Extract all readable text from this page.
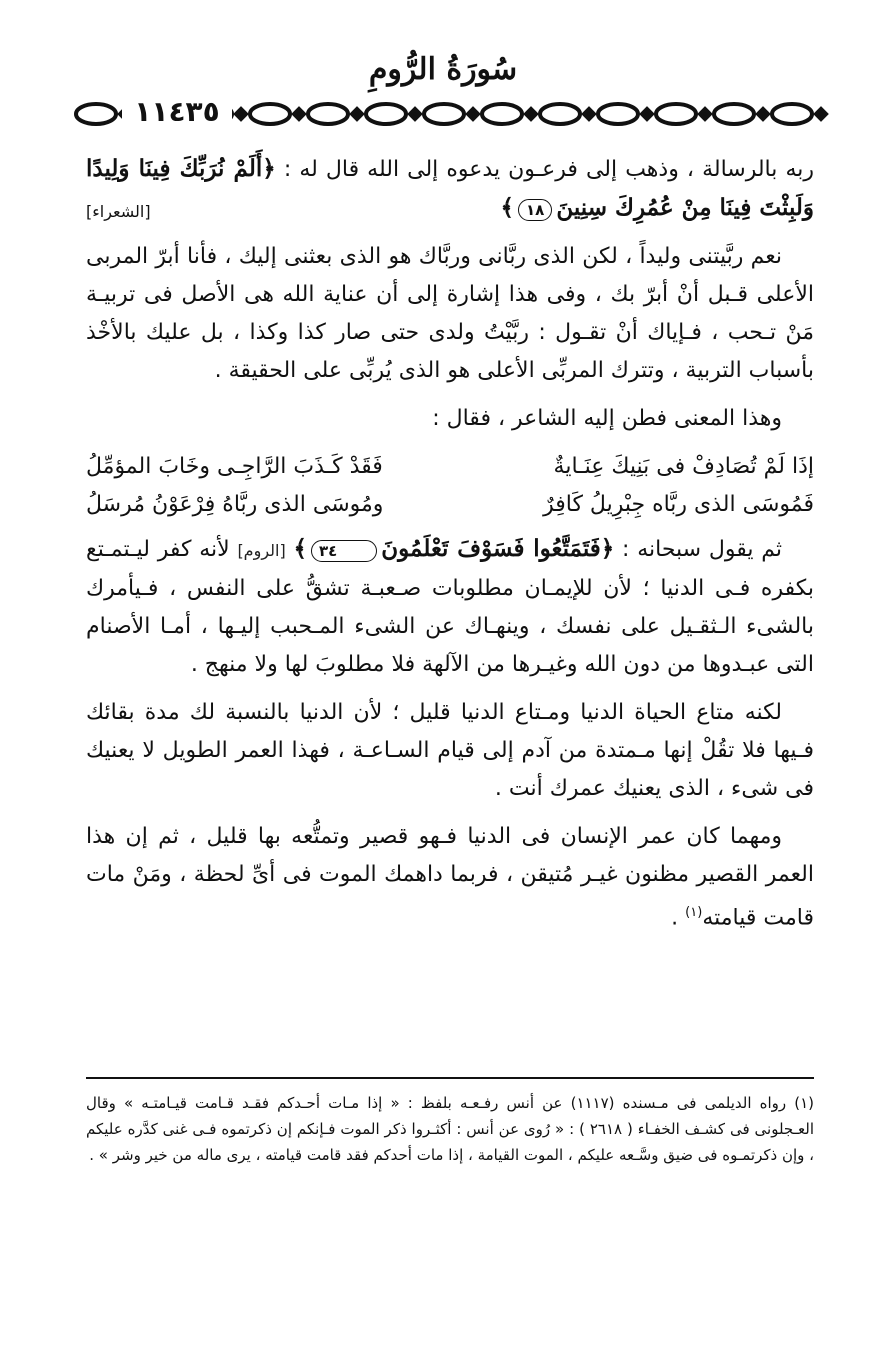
سُورَةُ الرُّومِ
١١٤٣٥

ربه بالرسالة ، وذهب إلى فرعـون يدعوه إلى الله قال له : ﴿أَلَمْ نُرَبِّكَ فِينَا وَلِيدًا وَلَبِثْتَ فِينَا مِنْ عُمُرِكَ سِنِينَ١٨﴾
[الشعراء]

نعم ربَّيتنى وليداً ، لكن الذى ربَّانى وربَّاك هو الذى بعثنى إليك ، فأنا أبرّ المربى الأعلى قـبل أنْ أبرّ بك ، وفى هذا إشارة إلى أن عناية الله هى الأصل فى تربيـة مَنْ تـحب ، فـإياك أنْ تقـول : ربَّيْتُ ولدى حتى صار كذا وكذا ، بل عليك بالأخْذ بأسباب التربية ، وتترك المربِّى الأعلى هو الذى يُربِّى على الحقيقة .

وهذا المعنى فطن إليه الشاعر ، فقال :

إذَا لَمْ تُصَادِفْ فى بَنِيكَ عِنَـايةٌ
فَقَدْ كَـذَبَ الرَّاجِـى وخَابَ المؤمِّلُ
فَمُوسَى الذى ربَّاه جِبْرِيلُ كَافِرٌ
ومُوسَى الذى ربَّاهُ فِرْعَوْنُ مُرسَلُ

ثم يقول سبحانه : ﴿فَتَمَتَّعُوا فَسَوْفَ تَعْلَمُونَ٣٤﴾ [الروم] لأنه كفر ليـتمـتع بكفره فـى الدنيا ؛ لأن للإيمـان مطلوبات صـعبـة تشقُّ على النفس ، فـيأمرك بالشىء الـثقـيل على نفسك ، وينهـاك عن الشىء المـحبب إليـها ، أمـا الأصنام التى عبـدوها من دون الله وغيـرها من الآلهة فلا مطلوبَ لها ولا منهج .

لكنه متاع الحياة الدنيا ومـتاع الدنيا قليل ؛ لأن الدنيا بالنسبة لك مدة بقائك فـيها فلا تقُلْ إنها مـمتدة من آدم إلى قيام السـاعـة ، فهذا العمر الطويل لا يعنيك فى شىء ، الذى يعنيك عمرك أنت .

ومهما كان عمر الإنسان فى الدنيا فـهو قصير وتمتُّعه بها قليل ، ثم إن هذا العمر القصير مظنون غيـر مُتيقن ، فربما داهمك الموت فى أىِّ لحظة ، ومَنْ مات قامت قيامته$^{(١)}$ .

(١) رواه الديلمى فى مـسنده (١١١٧) عن أنس رفـعـه بلفظ : « إذا مـات أحـدكم فقـد قـامت قيـامتـه » وقال العـجلونى فى كشـف الخفـاء ( ٢٦١٨ ) : « رُوى عن أنس : أكثـروا ذكر الموت فـإنكم إن ذكرتموه فـى غنى كدَّره عليكم ، وإن ذكرتمـوه فى ضيق وسَّـعه عليكم ، الموت القيامة ، إذا مات أحدكم فقد قامت قيامته ، يرى ماله من خير وشر » .
